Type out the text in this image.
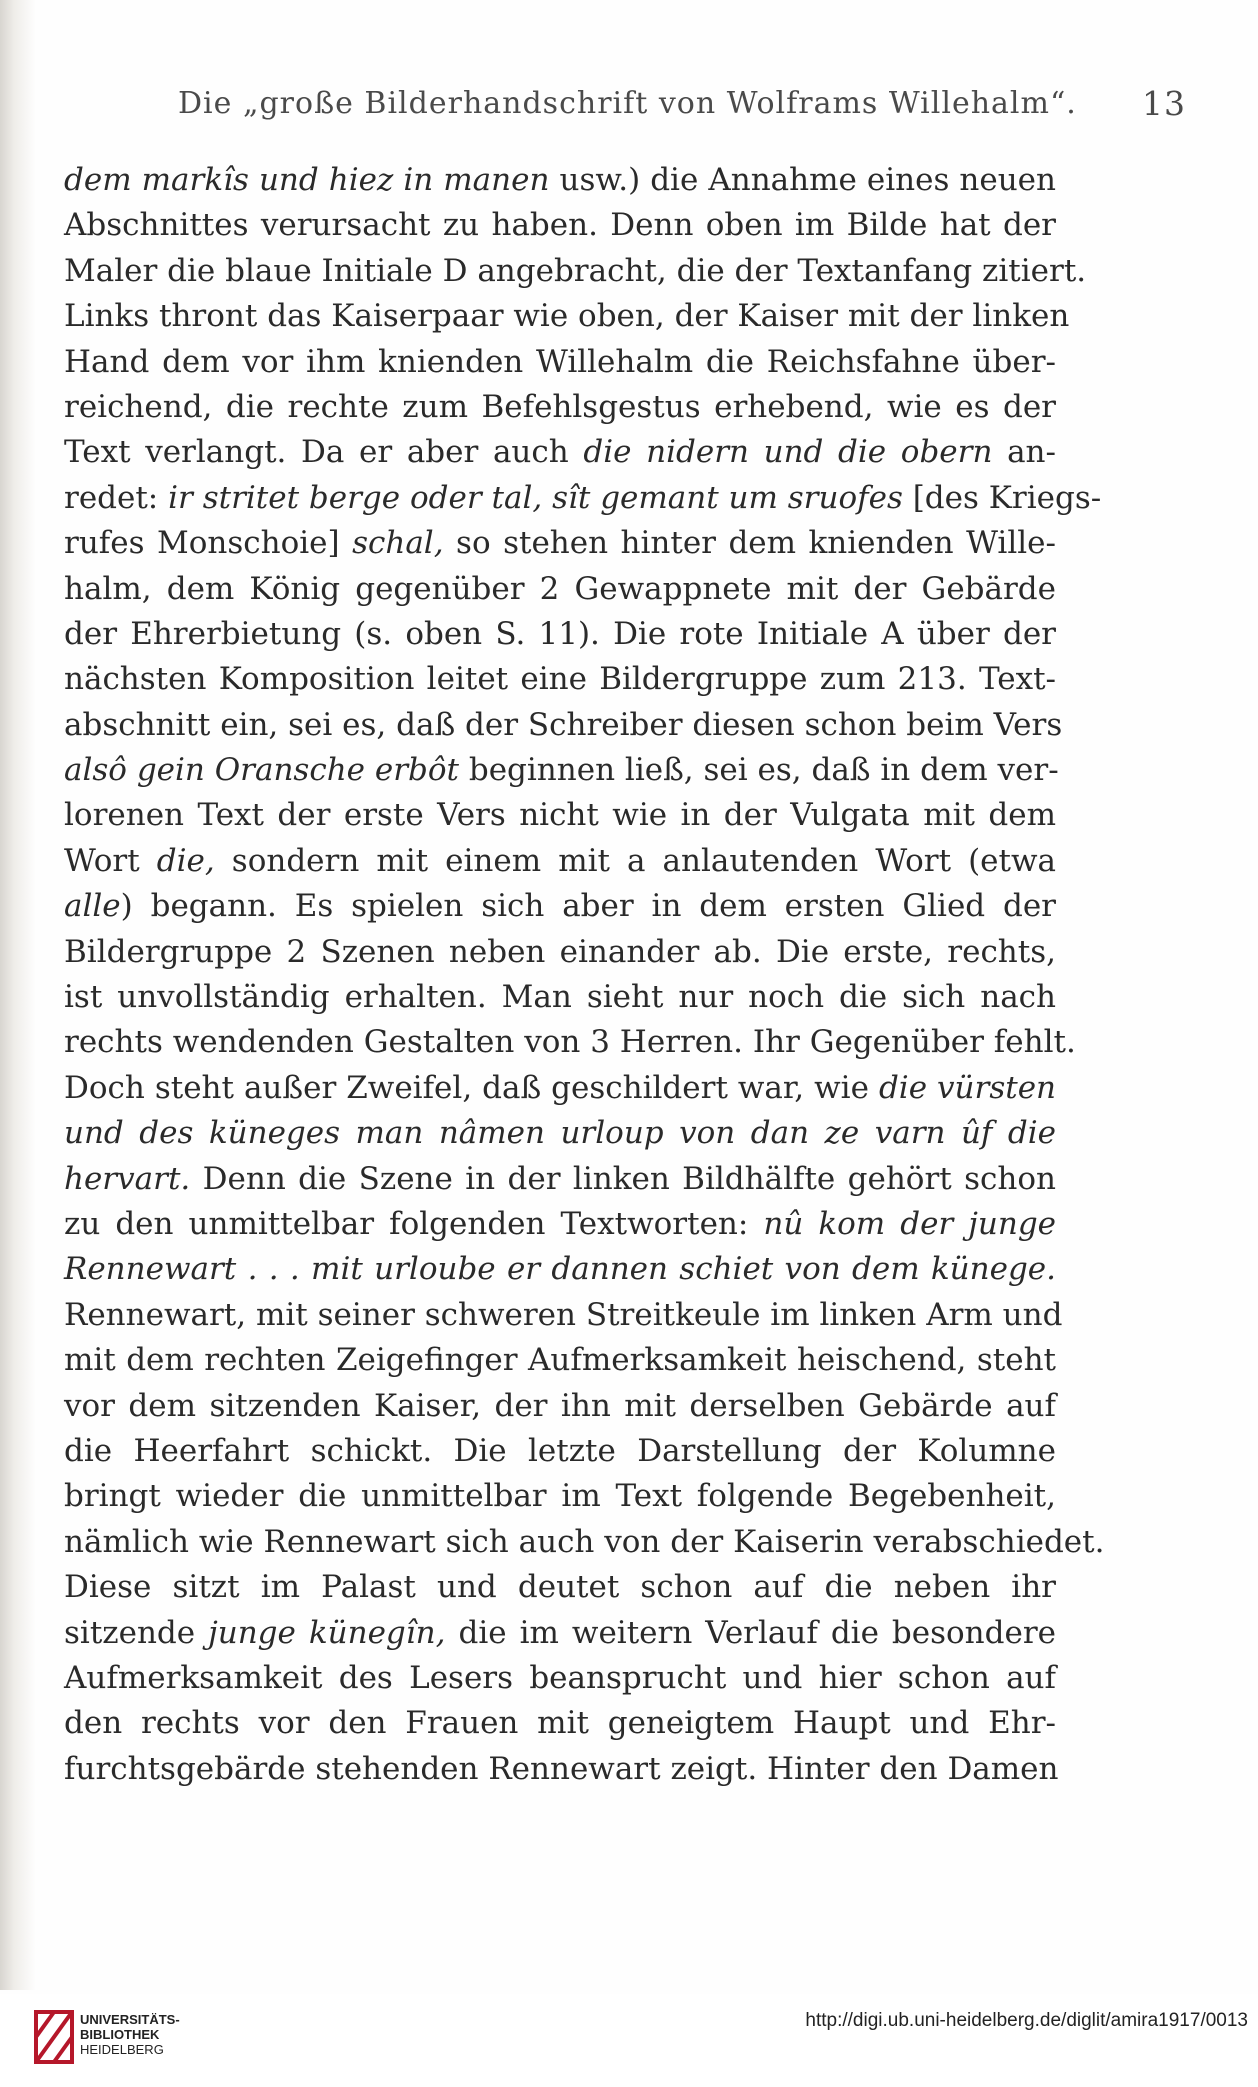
Die „große Bilderhandschrift von Wolframs Willehalm“. 13
dem markîs und hiez in manen usw.) die Annahme eines neuen
Abschnittes verursacht zu haben. Denn oben im Bilde hat der
Maler die blaue Initiale D angebracht, die der Textanfang zitiert.
Links thront das Kaiserpaar wie oben, der Kaiser mit der linken
Hand dem vor ihm knienden Willehalm die Reichsfahne über-
reichend, die rechte zum Befehlsgestus erhebend, wie es der
Text verlangt. Da er aber auch die nidern und die obern an-
redet: ir stritet berge oder tal, sît gemant um sruofes [des Kriegs-
rufes Monschoie] schal, so stehen hinter dem knienden Wille-
halm, dem König gegenüber 2 Gewappnete mit der Gebärde
der Ehrerbietung (s. oben S. 11). Die rote Initiale A über der
nächsten Komposition leitet eine Bildergruppe zum 213. Text-
abschnitt ein, sei es, daß der Schreiber diesen schon beim Vers
alsô gein Oransche erbôt beginnen ließ, sei es, daß in dem ver-
lorenen Text der erste Vers nicht wie in der Vulgata mit dem
Wort die, sondern mit einem mit a anlautenden Wort (etwa
alle) begann. Es spielen sich aber in dem ersten Glied der
Bildergruppe 2 Szenen neben einander ab. Die erste, rechts,
ist unvollständig erhalten. Man sieht nur noch die sich nach
rechts wendenden Gestalten von 3 Herren. Ihr Gegenüber fehlt.
Doch steht außer Zweifel, daß geschildert war, wie die vürsten
und des küneges man nâmen urloup von dan ze varn ûf die
hervart. Denn die Szene in der linken Bildhälfte gehört schon
zu den unmittelbar folgenden Textworten: nû kom der junge
Rennewart . . . mit urloube er dannen schiet von dem künege.
Rennewart, mit seiner schweren Streitkeule im linken Arm und
mit dem rechten Zeigefinger Aufmerksamkeit heischend, steht
vor dem sitzenden Kaiser, der ihn mit derselben Gebärde auf
die Heerfahrt schickt. Die letzte Darstellung der Kolumne
bringt wieder die unmittelbar im Text folgende Begebenheit,
nämlich wie Rennewart sich auch von der Kaiserin verabschiedet.
Diese sitzt im Palast und deutet schon auf die neben ihr
sitzende junge künegîn, die im weitern Verlauf die besondere
Aufmerksamkeit des Lesers beansprucht und hier schon auf
den rechts vor den Frauen mit geneigtem Haupt und Ehr-
furchtsgebärde stehenden Rennewart zeigt. Hinter den Damen
UNIVERSITÄTS-
BIBLIOTHEK
HEIDELBERG
http://digi.ub.uni-heidelberg.de/diglit/amira1917/0013
